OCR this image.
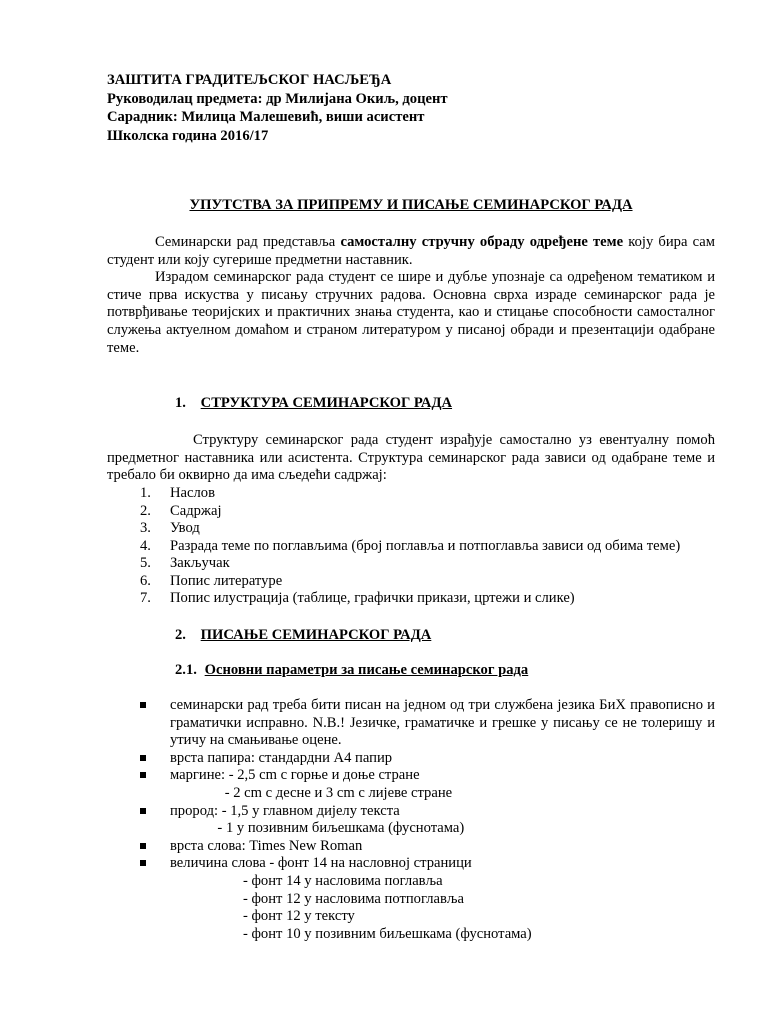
ЗАШТИТА ГРАДИТЕЉСКОГ НАСЉЕЂА
Руководилац предмета: др Милијана Окиљ, доцент
Сарадник: Милица Малешевић, виши асистент
Школска година 2016/17
УПУТСТВА ЗА ПРИПРЕМУ И ПИСАЊЕ СЕМИНАРСКОГ РАДА

Семинарски рад представља самосталну стручну обраду одређене теме коју бира сам студент или коју сугерише предметни наставник.

Израдом семинарског рада студент се шире и дубље упознаје са одређеном тематиком и стиче прва искуства у писању стручних радова. Основна сврха израде семинарског рада је потврђивање теоријских и практичних знања студента, као и стицање способности самосталног служења актуелном домаћом и страном литературом у писаној обради и презентацији одабране теме.

1. СТРУКТУРА СЕМИНАРСКОГ РАДА

Структуру семинарског рада студент израђује самостално уз евентуалну помоћ предметног наставника или асистента. Структура семинарског рада зависи од одабране теме и требало би оквирно да има сљедећи садржај:

1. Наслов
2. Садржај
3. Увод
4. Разрада теме по поглављима (број поглавља и потпоглавља зависи од обима теме)
5. Закључак
6. Попис литературе
7. Попис илустрација (таблице, графички прикази, цртежи и слике)
2. ПИСАЊЕ СЕМИНАРСКОГ РАДА
2.1. Основни параметри за писање семинарског рада
семинарски рад треба бити писан на једном од три службена језика БиХ правописно и граматички исправно. N.B.! Језичке, граматичке и грешке у писању се не толеришу и утичу на смањивање оцене.
врста папира: стандардни А4 папир
маргине: - 2,5 cm с горње и доње стране
- 2 cm с десне и 3 cm с лијеве стране
прород: - 1,5 у главном дијелу текста
- 1 у позивним биљешкама (фуснотама)
врста слова: Times New Roman
величина слова - фонт 14 на насловној страници
- фонт 14 у насловима поглавља
- фонт 12 у насловима потпоглавља
- фонт 12 у тексту
- фонт 10 у позивним биљешкама (фуснотама)
